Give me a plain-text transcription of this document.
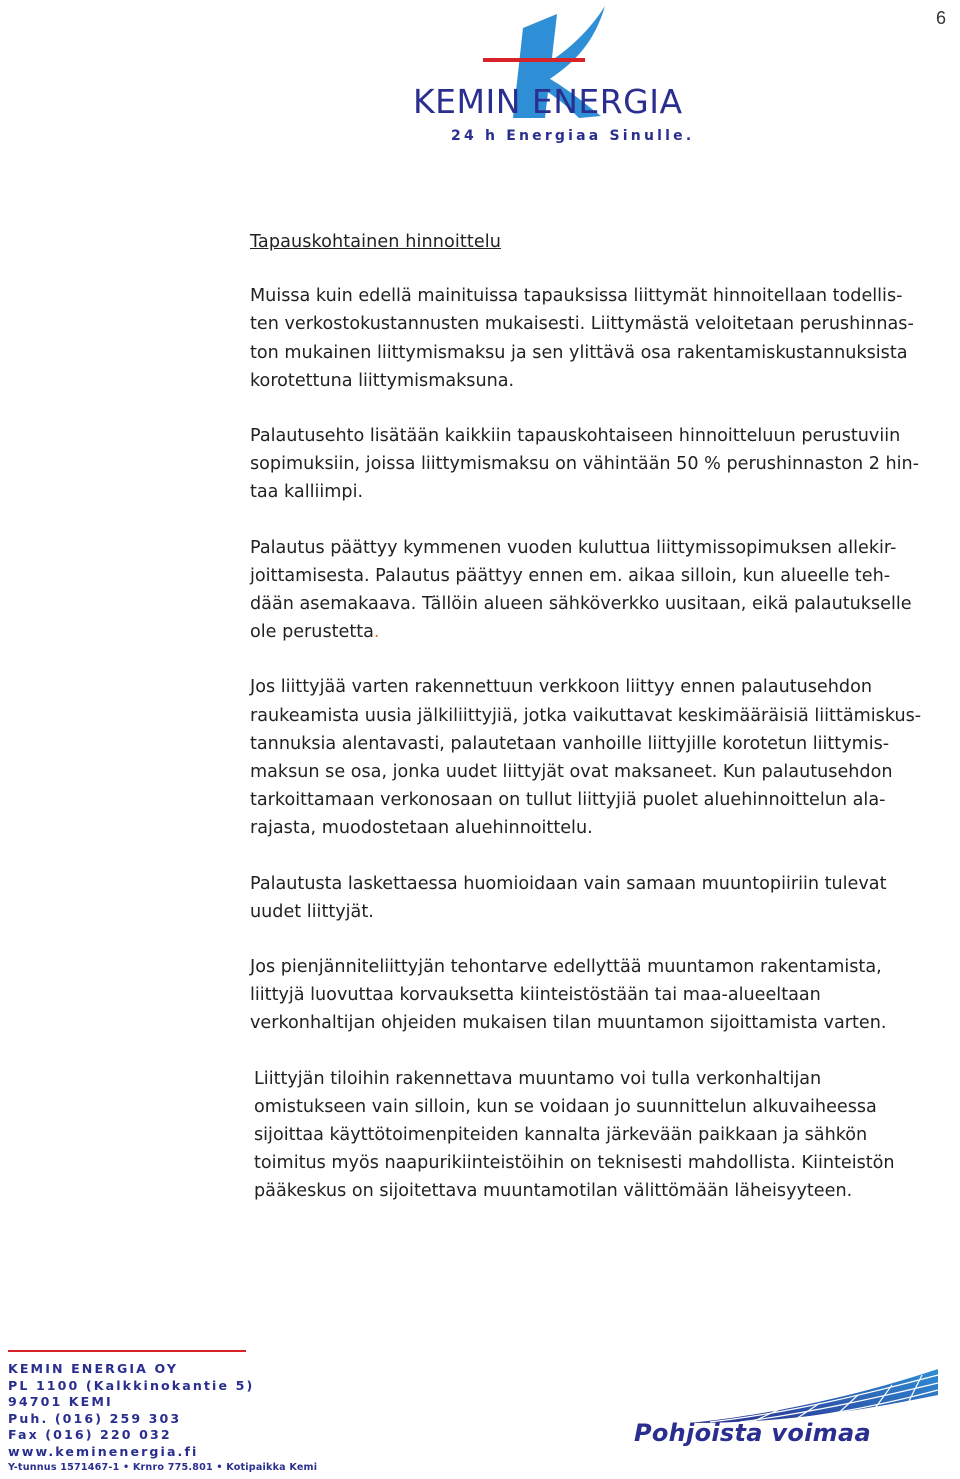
6
KEMIN ENERGIA
24 h Energiaa Sinulle.
Tapauskohtainen hinnoittelu

Muissa kuin edellä mainituissa tapauksissa liittymät hinnoitellaan todellis-
ten verkostokustannusten mukaisesti. Liittymästä veloitetaan perushinnas-
ton mukainen liittymismaksu ja sen ylittävä osa rakentamiskustannuksista
korotettuna liittymismaksuna.

Palautusehto lisätään kaikkiin tapauskohtaiseen hinnoitteluun perustuviin
sopimuksiin, joissa liittymismaksu on vähintään 50 % perushinnaston 2 hin-
taa kalliimpi.

Palautus päättyy kymmenen vuoden kuluttua liittymissopimuksen allekir-
joittamisesta. Palautus päättyy ennen em. aikaa silloin, kun alueelle teh-
dään asemakaava. Tällöin alueen sähköverkko uusitaan, eikä palautukselle
ole perustetta.

Jos liittyjää varten rakennettuun verkkoon liittyy ennen palautusehdon
raukeamista uusia jälkiliittyjiä, jotka vaikuttavat keskimääräisiä liittämiskus-
tannuksia alentavasti, palautetaan vanhoille liittyjille korotetun liittymis-
maksun se osa, jonka uudet liittyjät ovat maksaneet. Kun palautusehdon
tarkoittamaan verkonosaan on tullut liittyjiä puolet aluehinnoittelun ala-
rajasta, muodostetaan aluehinnoittelu.

Palautusta laskettaessa huomioidaan vain samaan muuntopiiriin tulevat
uudet liittyjät.

Jos pienjänniteliittyjän tehontarve edellyttää muuntamon rakentamista,
liittyjä luovuttaa korvauksetta kiinteistöstään tai maa-alueeltaan
verkonhaltijan ohjeiden mukaisen tilan muuntamon sijoittamista varten.

Liittyjän tiloihin rakennettava muuntamo voi tulla verkonhaltijan
omistukseen vain silloin, kun se voidaan jo suunnittelun alkuvaiheessa
sijoittaa käyttötoimenpiteiden kannalta järkevään paikkaan ja sähkön
toimitus myös naapurikiinteistöihin on teknisesti mahdollista. Kiinteistön
pääkeskus on sijoitettava muuntamotilan välittömään läheisyyteen.

KEMIN ENERGIA OY
PL 1100 (Kalkkinokantie 5)
94701 KEMI
Puh. (016) 259 303
Fax (016) 220 032
www.keminenergia.fi
Y-tunnus 1571467-1 • Krnro 775.801 • Kotipaikka Kemi
Pohjoista voimaa
